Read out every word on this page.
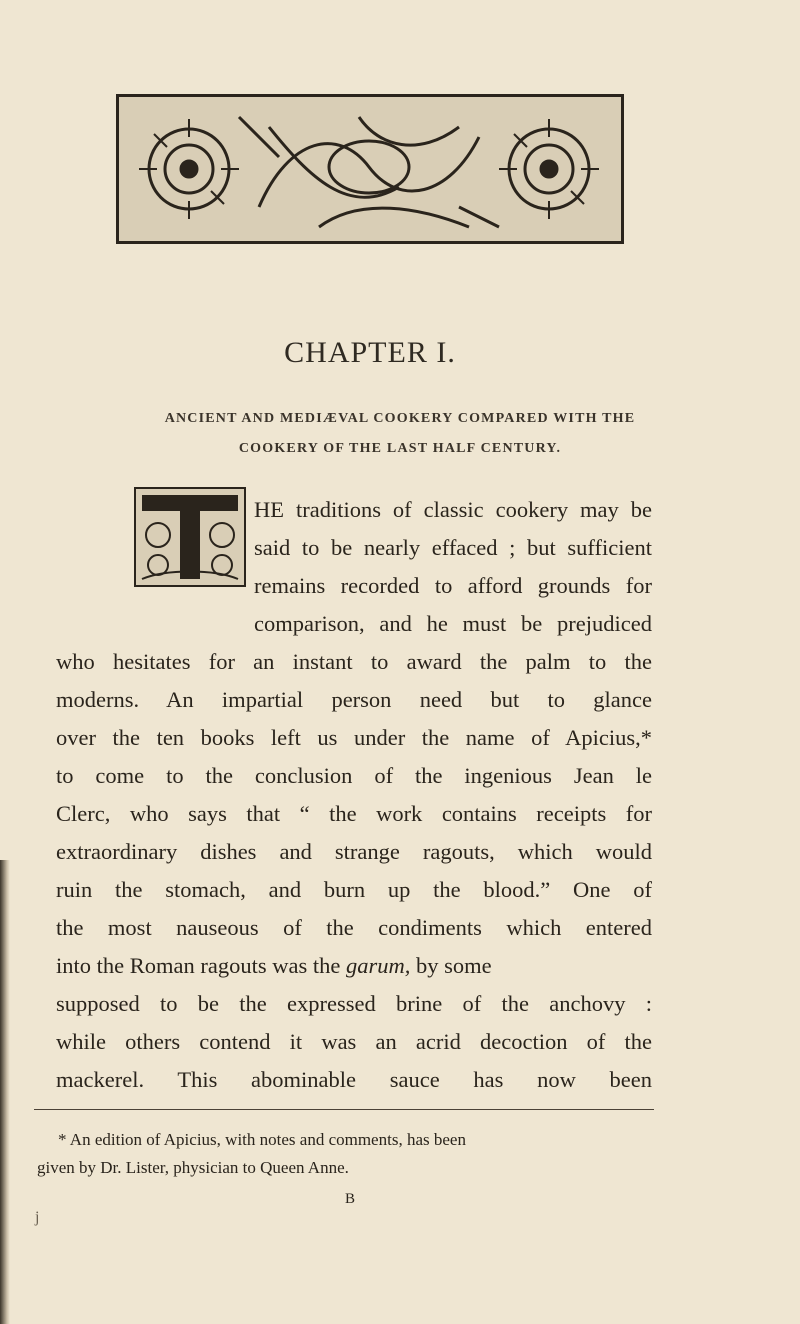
CHAPTER I.
ANCIENT AND MEDIÆVAL COOKERY COMPARED WITH THE
COOKERY OF THE LAST HALF CENTURY.
HE traditions of classic cookery may be
said to be nearly effaced ; but sufficient
remains recorded to afford grounds for
comparison, and he must be prejudiced
who hesitates for an instant to award the palm to the
moderns. An impartial person need but to glance
over the ten books left us under the name of Apicius,*
to come to the conclusion of the ingenious Jean le
Clerc, who says that “ the work contains receipts for
extraordinary dishes and strange ragouts, which would
ruin the stomach, and burn up the blood.” One of
the most nauseous of the condiments which entered
into the Roman ragouts was the garum, by some
supposed to be the expressed brine of the anchovy :
while others contend it was an acrid decoction of the
mackerel. This abominable sauce has now been
* An edition of Apicius, with notes and comments, has been
given by Dr. Lister, physician to Queen Anne.
B
j
